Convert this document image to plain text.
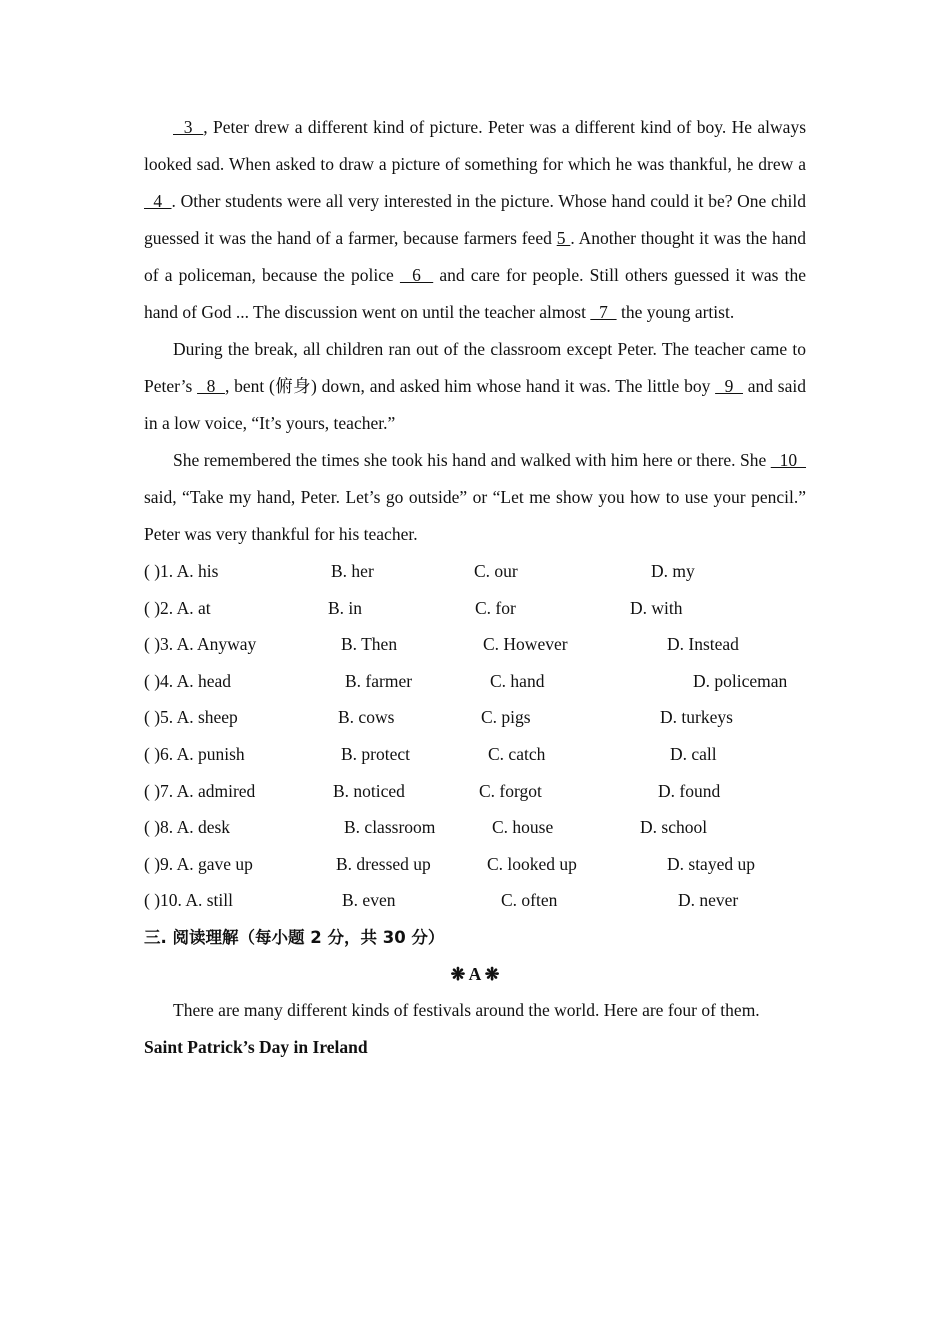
3  , Peter drew a different kind of picture. Peter was a different kind of boy. He always looked sad. When asked to draw a picture of something for which he was thankful, he drew a   4  . Other students were all very interested in the picture. Whose hand could it be? One child guessed it was the hand of a farmer, because farmers feed 5 . Another thought it was the hand of a policeman, because the police   6   and care for people. Still others guessed it was the hand of God ... The discussion went on until the teacher almost   7   the young artist.

During the break, all children ran out of the classroom except Peter. The teacher came to Peter’s   8  , bent (俯身) down, and asked him whose hand it was. The little boy   9   and said in a low voice, “It’s yours, teacher.”

She remembered the times she took his hand and walked with him here or there. She   10   said, “Take my hand, Peter. Let’s go outside” or “Let me show you how to use your pencil.” Peter was very thankful for his teacher.

( )1. A. his	B. her	C. our	D. my
( )2. A. at	B. in	C. for	D. with
( )3. A. Anyway	B. Then	C. However	D. Instead
( )4. A. head	B. farmer	C. hand	D. policeman
( )5. A. sheep	B. cows	C. pigs	D. turkeys
( )6. A. punish	B. protect	C. catch	D. call
( )7. A. admired	B. noticed	C. forgot	D. found
( )8. A. desk	B. classroom	C. house	D. school
( )9. A. gave up	B. dressed up	C. looked up	D. stayed up
( )10. A. still	B. even	C. often	D. never
三. 阅读理解（每小题 2 分，共 30 分）
❋ A ❋

There are many different kinds of festivals around the world. Here are four of them.

Saint Patrick’s Day in Ireland
